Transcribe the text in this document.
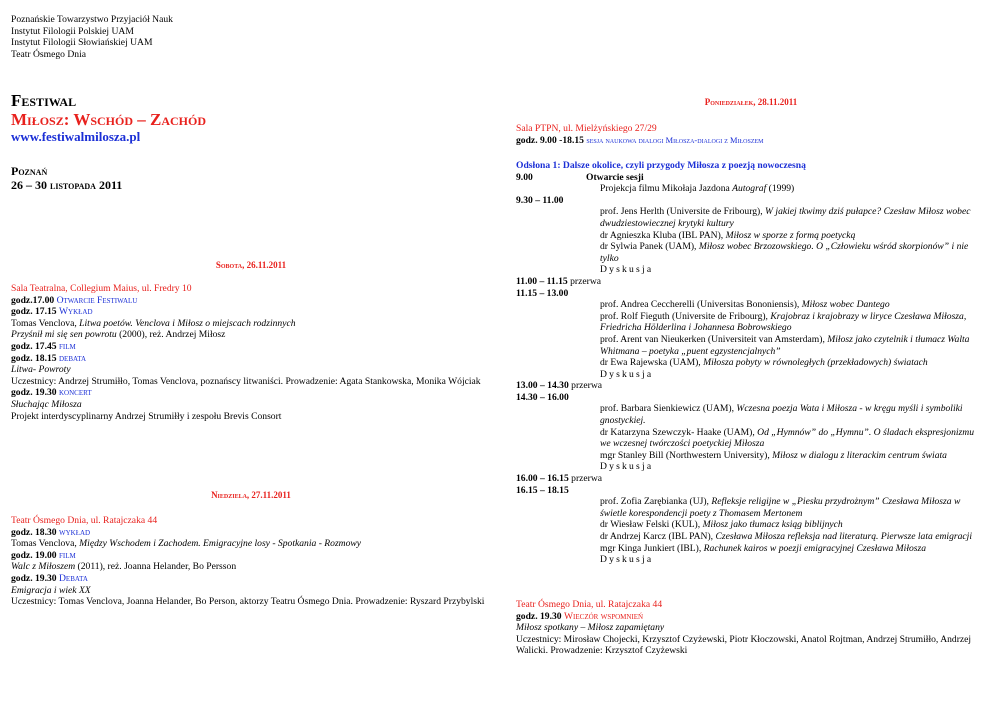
Poznańskie Towarzystwo Przyjaciół Nauk
Instytut Filologii Polskiej UAM
Instytut Filologii Słowiańskiej UAM
Teatr Ósmego Dnia
Festiwal
Miłosz: Wschód – Zachód
www.festiwalmilosza.pl
Poznań
26 – 30 listopada 2011
Sobota, 26.11.2011
Sala Teatralna, Collegium Maius, ul. Fredry 10
godz.17.00 Otwarcie Festiwalu
godz. 17.15 Wykład
Tomas Venclova, Litwa poetów. Venclova i Miłosz o miejscach rodzinnych
Przyśnił mi się sen powrotu (2000), reż. Andrzej Miłosz
godz. 17.45 film
godz. 18.15 debata
Litwa- Powroty
Uczestnicy: Andrzej Strumiłło, Tomas Venclova, poznańscy litwaniści. Prowadzenie: Agata Stankowska, Monika Wójciak
godz. 19.30 koncert
Słuchając Miłosza
Projekt interdyscyplinarny Andrzej Strumiłły i zespołu Brevis Consort
Niedziela, 27.11.2011
Teatr Ósmego Dnia, ul. Ratajczaka 44
godz. 18.30 wykład
Tomas Venclova, Między Wschodem i Zachodem. Emigracyjne losy - Spotkania - Rozmowy
godz. 19.00 film
Walc z Miłoszem (2011), reż. Joanna Helander, Bo Persson
godz. 19.30 Debata
Emigracja i wiek XX
Uczestnicy: Tomas Venclova, Joanna Helander, Bo Person, aktorzy Teatru Ósmego Dnia. Prowadzenie: Ryszard Przybylski
Poniedziałek, 28.11.2011
Sala PTPN, ul. Mielżyńskiego 27/29
godz. 9.00 -18.15 sesja naukowa dialogi Miłosza-dialogi z Miłoszem
Odsłona 1: Dalsze okolice, czyli przygody Miłosza z poezją nowoczesną
9.00	Otwarcie sesji
Projekcja filmu Mikołaja Jazdona Autograf (1999)
9.30 – 11.00
prof. Jens Herlth (Universite de Fribourg), W jakiej tkwimy dziś pułapce? Czesław Miłosz wobec dwudziestowiecznej krytyki kultury
dr Agnieszka Kluba (IBL PAN), Miłosz w sporze z formą poetycką
dr Sylwia Panek (UAM), Miłosz wobec Brzozowskiego. O „Człowieku wśród skorpionów” i nie tylko
Dyskusja
11.00 – 11.15 przerwa
11.15 – 13.00
prof. Andrea Ceccherelli (Universitas Bononiensis), Miłosz wobec Dantego
prof. Rolf Fieguth (Universite de Fribourg), Krajobraz i krajobrazy w liryce Czesława Miłosza, Friedricha Hölderlina i Johannesa Bobrowskiego
prof. Arent van Nieukerken (Universiteit van Amsterdam), Miłosz jako czytelnik i tłumacz Walta Whitmana – poetyka „puent egzystencjalnych”
dr Ewa Rajewska (UAM), Miłosza pobyty w równoległych (przekładowych) światach
Dyskusja
13.00 – 14.30 przerwa
14.30 – 16.00
prof. Barbara Sienkiewicz (UAM), Wczesna poezja Wata i Miłosza - w kręgu myśli i symboliki gnostyckiej.
dr Katarzyna Szewczyk- Haake (UAM), Od „Hymnów” do „Hymnu”. O śladach ekspresjonizmu we wczesnej twórczości poetyckiej Miłosza
mgr Stanley Bill (Northwestern University), Miłosz w dialogu z literackim centrum świata
Dyskusja
16.00 – 16.15 przerwa
16.15 – 18.15
prof. Zofia Zarębianka (UJ), Refleksje religijne w „Piesku przydrożnym” Czesława Miłosza w świetle korespondencji poety z Thomasem Mertonem
dr Wiesław Felski (KUL), Miłosz jako tłumacz ksiąg biblijnych
dr Andrzej Karcz (IBL PAN), Czesława Miłosza refleksja nad literaturą. Pierwsze lata emigracji
mgr Kinga Junkiert (IBL), Rachunek kairos w poezji emigracyjnej Czesława Miłosza
Dyskusja
Teatr Ósmego Dnia, ul. Ratajczaka 44
godz. 19.30 Wieczór wspomnień
Miłosz spotkany – Miłosz zapamiętany
Uczestnicy: Mirosław Chojecki, Krzysztof Czyżewski, Piotr Kłoczowski, Anatol Rojtman, Andrzej Strumiłło, Andrzej Walicki. Prowadzenie: Krzysztof Czyżewski
